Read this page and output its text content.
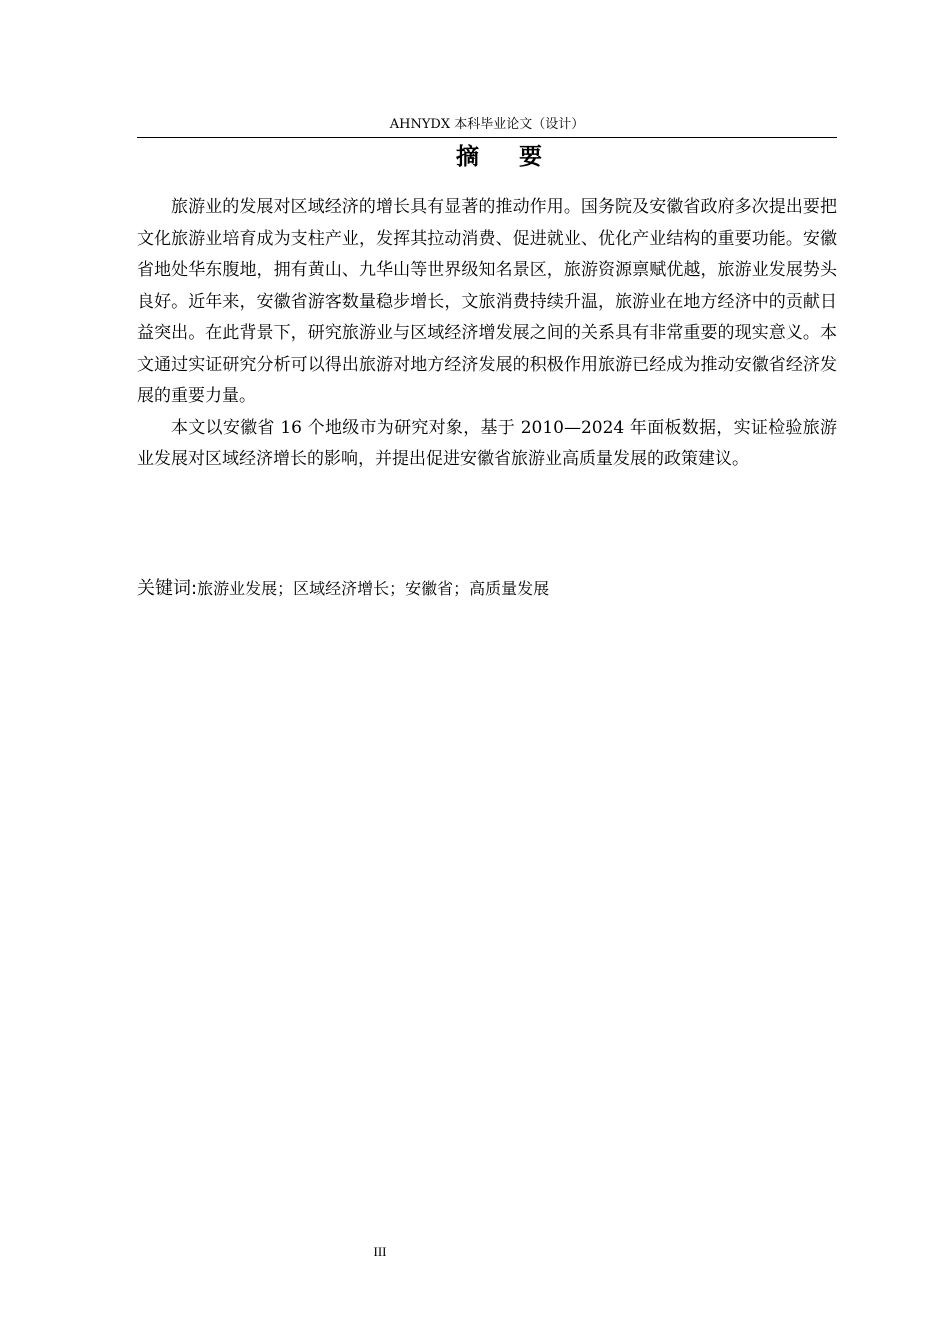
AHNYDX 本科毕业论文（设计）
摘 要

旅游业的发展对区域经济的增长具有显著的推动作用。国务院及安徽省政府多次提出要把文化旅游业培育成为支柱产业，发挥其拉动消费、促进就业、优化产业结构的重要功能。安徽省地处华东腹地，拥有黄山、九华山等世界级知名景区，旅游资源禀赋优越，旅游业发展势头良好。近年来，安徽省游客数量稳步增长，文旅消费持续升温，旅游业在地方经济中的贡献日益突出。在此背景下，研究旅游业与区域经济增发展之间的关系具有非常重要的现实意义。本文通过实证研究分析可以得出旅游对地方经济发展的积极作用旅游已经成为推动安徽省经济发展的重要力量。

本文以安徽省 16 个地级市为研究对象，基于 2010—2024 年面板数据，实证检验旅游业发展对区域经济增长的影响，并提出促进安徽省旅游业高质量发展的政策建议。

关键词:旅游业发展；区域经济增长；安徽省；高质量发展
III
